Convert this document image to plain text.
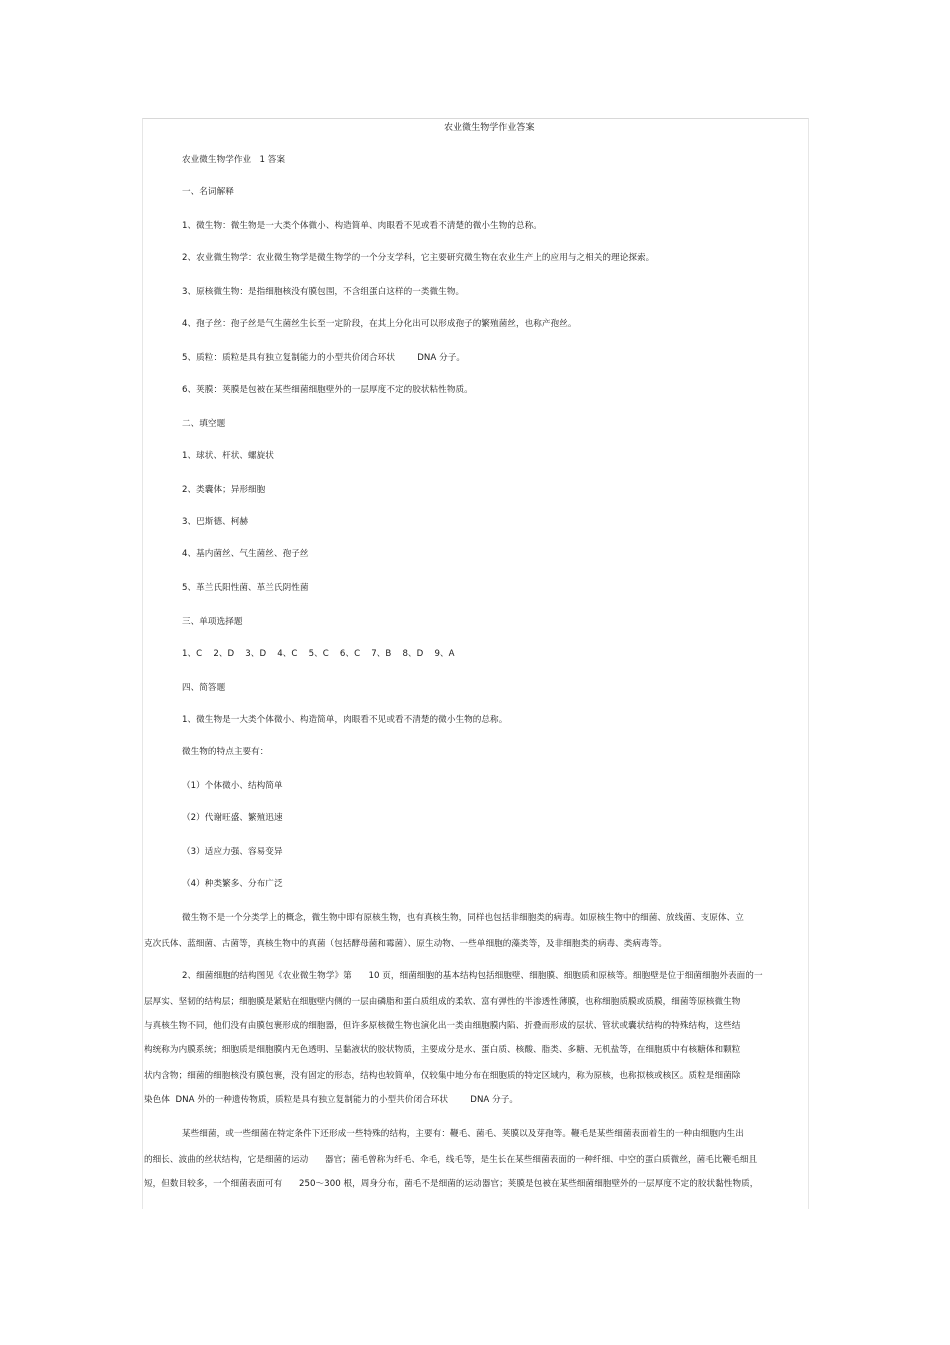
农业微生物学作业答案
农业微生物学作业   1 答案
一、名词解释
1、微生物：微生物是一大类个体微小、构造简单、肉眼看不见或看不清楚的微小生物的总称。
2、农业微生物学：农业微生物学是微生物学的一个分支学科，它主要研究微生物在农业生产上的应用与之相关的理论探索。
3、原核微生物：是指细胞核没有膜包围，不含组蛋白这样的一类微生物。
4、孢子丝：孢子丝是气生菌丝生长至一定阶段，在其上分化出可以形成孢子的繁殖菌丝，也称产孢丝。
5、质粒：质粒是具有独立复制能力的小型共价闭合环状        DNA 分子。
6、荚膜：荚膜是包被在某些细菌细胞壁外的一层厚度不定的胶状粘性物质。
二、填空题
1、球状、杆状、螺旋状
2、类囊体；异形细胞
3、巴斯德、柯赫
4、基内菌丝、气生菌丝、孢子丝
5、革兰氏阳性菌、革兰氏阴性菌
三、单项选择题
1、C    2、D    3、D    4、C    5、C    6、C    7、B    8、D    9、A
四、简答题
1、微生物是一大类个体微小、构造简单，肉眼看不见或看不清楚的微小生物的总称。
微生物的特点主要有：
（1）个体微小、结构简单
（2）代谢旺盛、繁殖迅速
（3）适应力强、容易变异
（4）种类繁多、分布广泛
微生物不是一个分类学上的概念，微生物中即有原核生物，也有真核生物，同样也包括非细胞类的病毒。如原核生物中的细菌、放线菌、支原体、立
克次氏体、蓝细菌、古菌等，真核生物中的真菌（包括酵母菌和霉菌）、原生动物、一些单细胞的藻类等，及非细胞类的病毒、类病毒等。
2、细菌细胞的结构图见《农业微生物学》第      10 页，细菌细胞的基本结构包括细胞壁、细胞膜、细胞质和原核等。细胞壁是位于细菌细胞外表面的一
层厚实、坚韧的结构层；细胞膜是紧贴在细胞壁内侧的一层由磷脂和蛋白质组成的柔软、富有弹性的半渗透性薄膜，也称细胞质膜或质膜，细菌等原核微生物
与真核生物不同，他们没有由膜包裹形成的细胞器，但许多原核微生物也演化出一类由细胞膜内陷、折叠而形成的层状、管状或囊状结构的特殊结构，这些结
构统称为内膜系统；细胞质是细胞膜内无色透明、呈黏液状的胶状物质，主要成分是水、蛋白质、核酸、脂类、多糖、无机盐等，在细胞质中有核糖体和颗粒
状内含物；细菌的细胞核没有膜包裹，没有固定的形态，结构也较简单，仅较集中地分布在细胞质的特定区域内，称为原核，也称拟核或核区。质粒是细菌除
染色体  DNA 外的一种遗传物质，质粒是具有独立复制能力的小型共价闭合环状        DNA 分子。
某些细菌，或一些细菌在特定条件下还形成一些特殊的结构，主要有：鞭毛、菌毛、荚膜以及芽孢等。鞭毛是某些细菌表面着生的一种由细胞内生出
的细长、波曲的丝状结构，它是细菌的运动      器官；菌毛曾称为纤毛、伞毛，线毛等，是生长在某些细菌表面的一种纤细、中空的蛋白质微丝，菌毛比鞭毛细且
短，但数目较多，一个细菌表面可有      250～300 根，周身分布，菌毛不是细菌的运动器官；荚膜是包被在某些细菌细胞壁外的一层厚度不定的胶状黏性物质，
